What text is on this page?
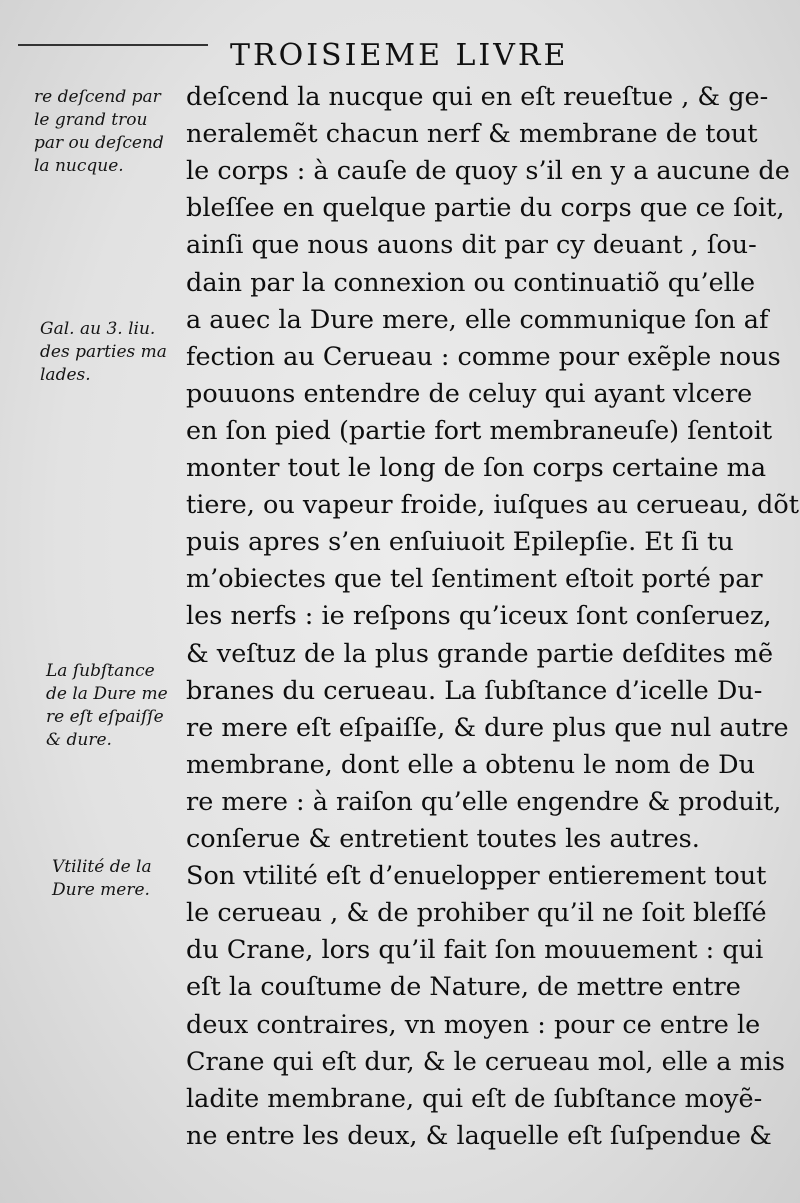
TROISIEME LIVRE
re deſcend par
le grand trou
par ou deſcend
la nucque.
Gal. au 3. liu.
des parties ma
lades.
La ſubſtance
de la Dure me
re eſt eſpaiſſe
& dure.
Vtilité de la
Dure mere.
deſcend la nucque qui en eſt reueſtue , & ge-
neralemẽt chacun nerf & membrane de tout
le corps : à cauſe de quoy s’il en y a aucune de
bleſſee en quelque partie du corps que ce ſoit,
ainſi que nous auons dit par cy deuant , ſou-
dain par la connexion ou continuatiõ qu’elle
a auec la Dure mere, elle communique ſon af
fection au Cerueau : comme pour exẽple nous
pouuons entendre de celuy qui ayant vlcere
en ſon pied (partie fort membraneuſe) ſentoit
monter tout le long de ſon corps certaine ma
tiere, ou vapeur froide, iuſques au cerueau, dõt
puis apres s’en enſuiuoit Epilepſie. Et ſi tu
m’obiectes que tel ſentiment eſtoit porté par
les nerfs : ie reſpons qu’iceux ſont conſeruez,
& veſtuz de la plus grande partie deſdites mẽ
branes du cerueau. La ſubſtance d’icelle Du-
re mere eſt eſpaiſſe, & dure plus que nul autre
membrane, dont elle a obtenu le nom de Du
re mere : à raiſon qu’elle engendre & produit,
conſerue & entretient toutes les autres.
Son vtilité eſt d’enuelopper entierement tout
le cerueau , & de prohiber qu’il ne ſoit bleſſé
du Crane, lors qu’il fait ſon mouuement : qui
eſt la couſtume de Nature, de mettre entre
deux contraires, vn moyen : pour ce entre le
Crane qui eſt dur, & le cerueau mol, elle a mis
ladite membrane, qui eſt de ſubſtance moyẽ-
ne entre les deux, & laquelle eſt ſuſpendue &
